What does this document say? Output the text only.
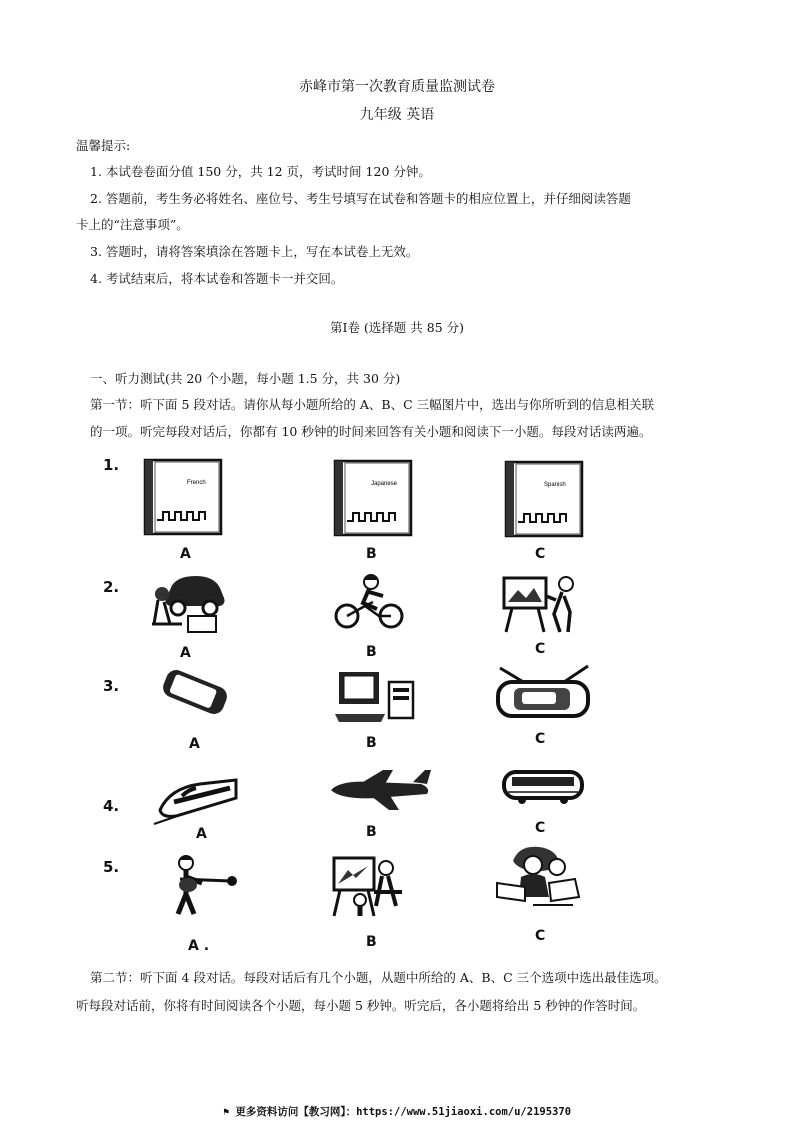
赤峰市第一次教育质量监测试卷
九年级 英语
温馨提示:
1. 本试卷卷面分值 150 分，共 12 页，考试时间 120 分钟。
2. 答题前，考生务必将姓名、座位号、考生号填写在试卷和答题卡的相应位置上，并仔细阅读答题
卡上的“注意事项”。
3. 答题时，请将答案填涂在答题卡上，写在本试卷上无效。
4. 考试结束后，将本试卷和答题卡一并交回。
第Ⅰ卷 (选择题 共 85 分)
一、听力测试(共 20 个小题，每小题 1.5 分，共 30 分)
第一节：听下面 5 段对话。请你从每小题所给的 A、B、C 三幅图片中，选出与你所听到的信息相关联
的一项。听完每段对话后，你都有 10 秒钟的时间来回答有关小题和阅读下一小题。每段对话读两遍。
1.
2.
3.
4.
5.
French	Japanese	Spanish
A	B	C
A	B	C
A	B	C
A	B	C
A .	B	C
第二节：听下面 4 段对话。每段对话后有几个小题，从题中所给的 A、B、C 三个选项中选出最佳选项。
听每段对话前，你将有时间阅读各个小题，每小题 5 秒钟。听完后，各小题将给出 5 秒钟的作答时间。
⚑ 更多资料访问【教习网】：https://www.51jiaoxi.com/u/2195370
